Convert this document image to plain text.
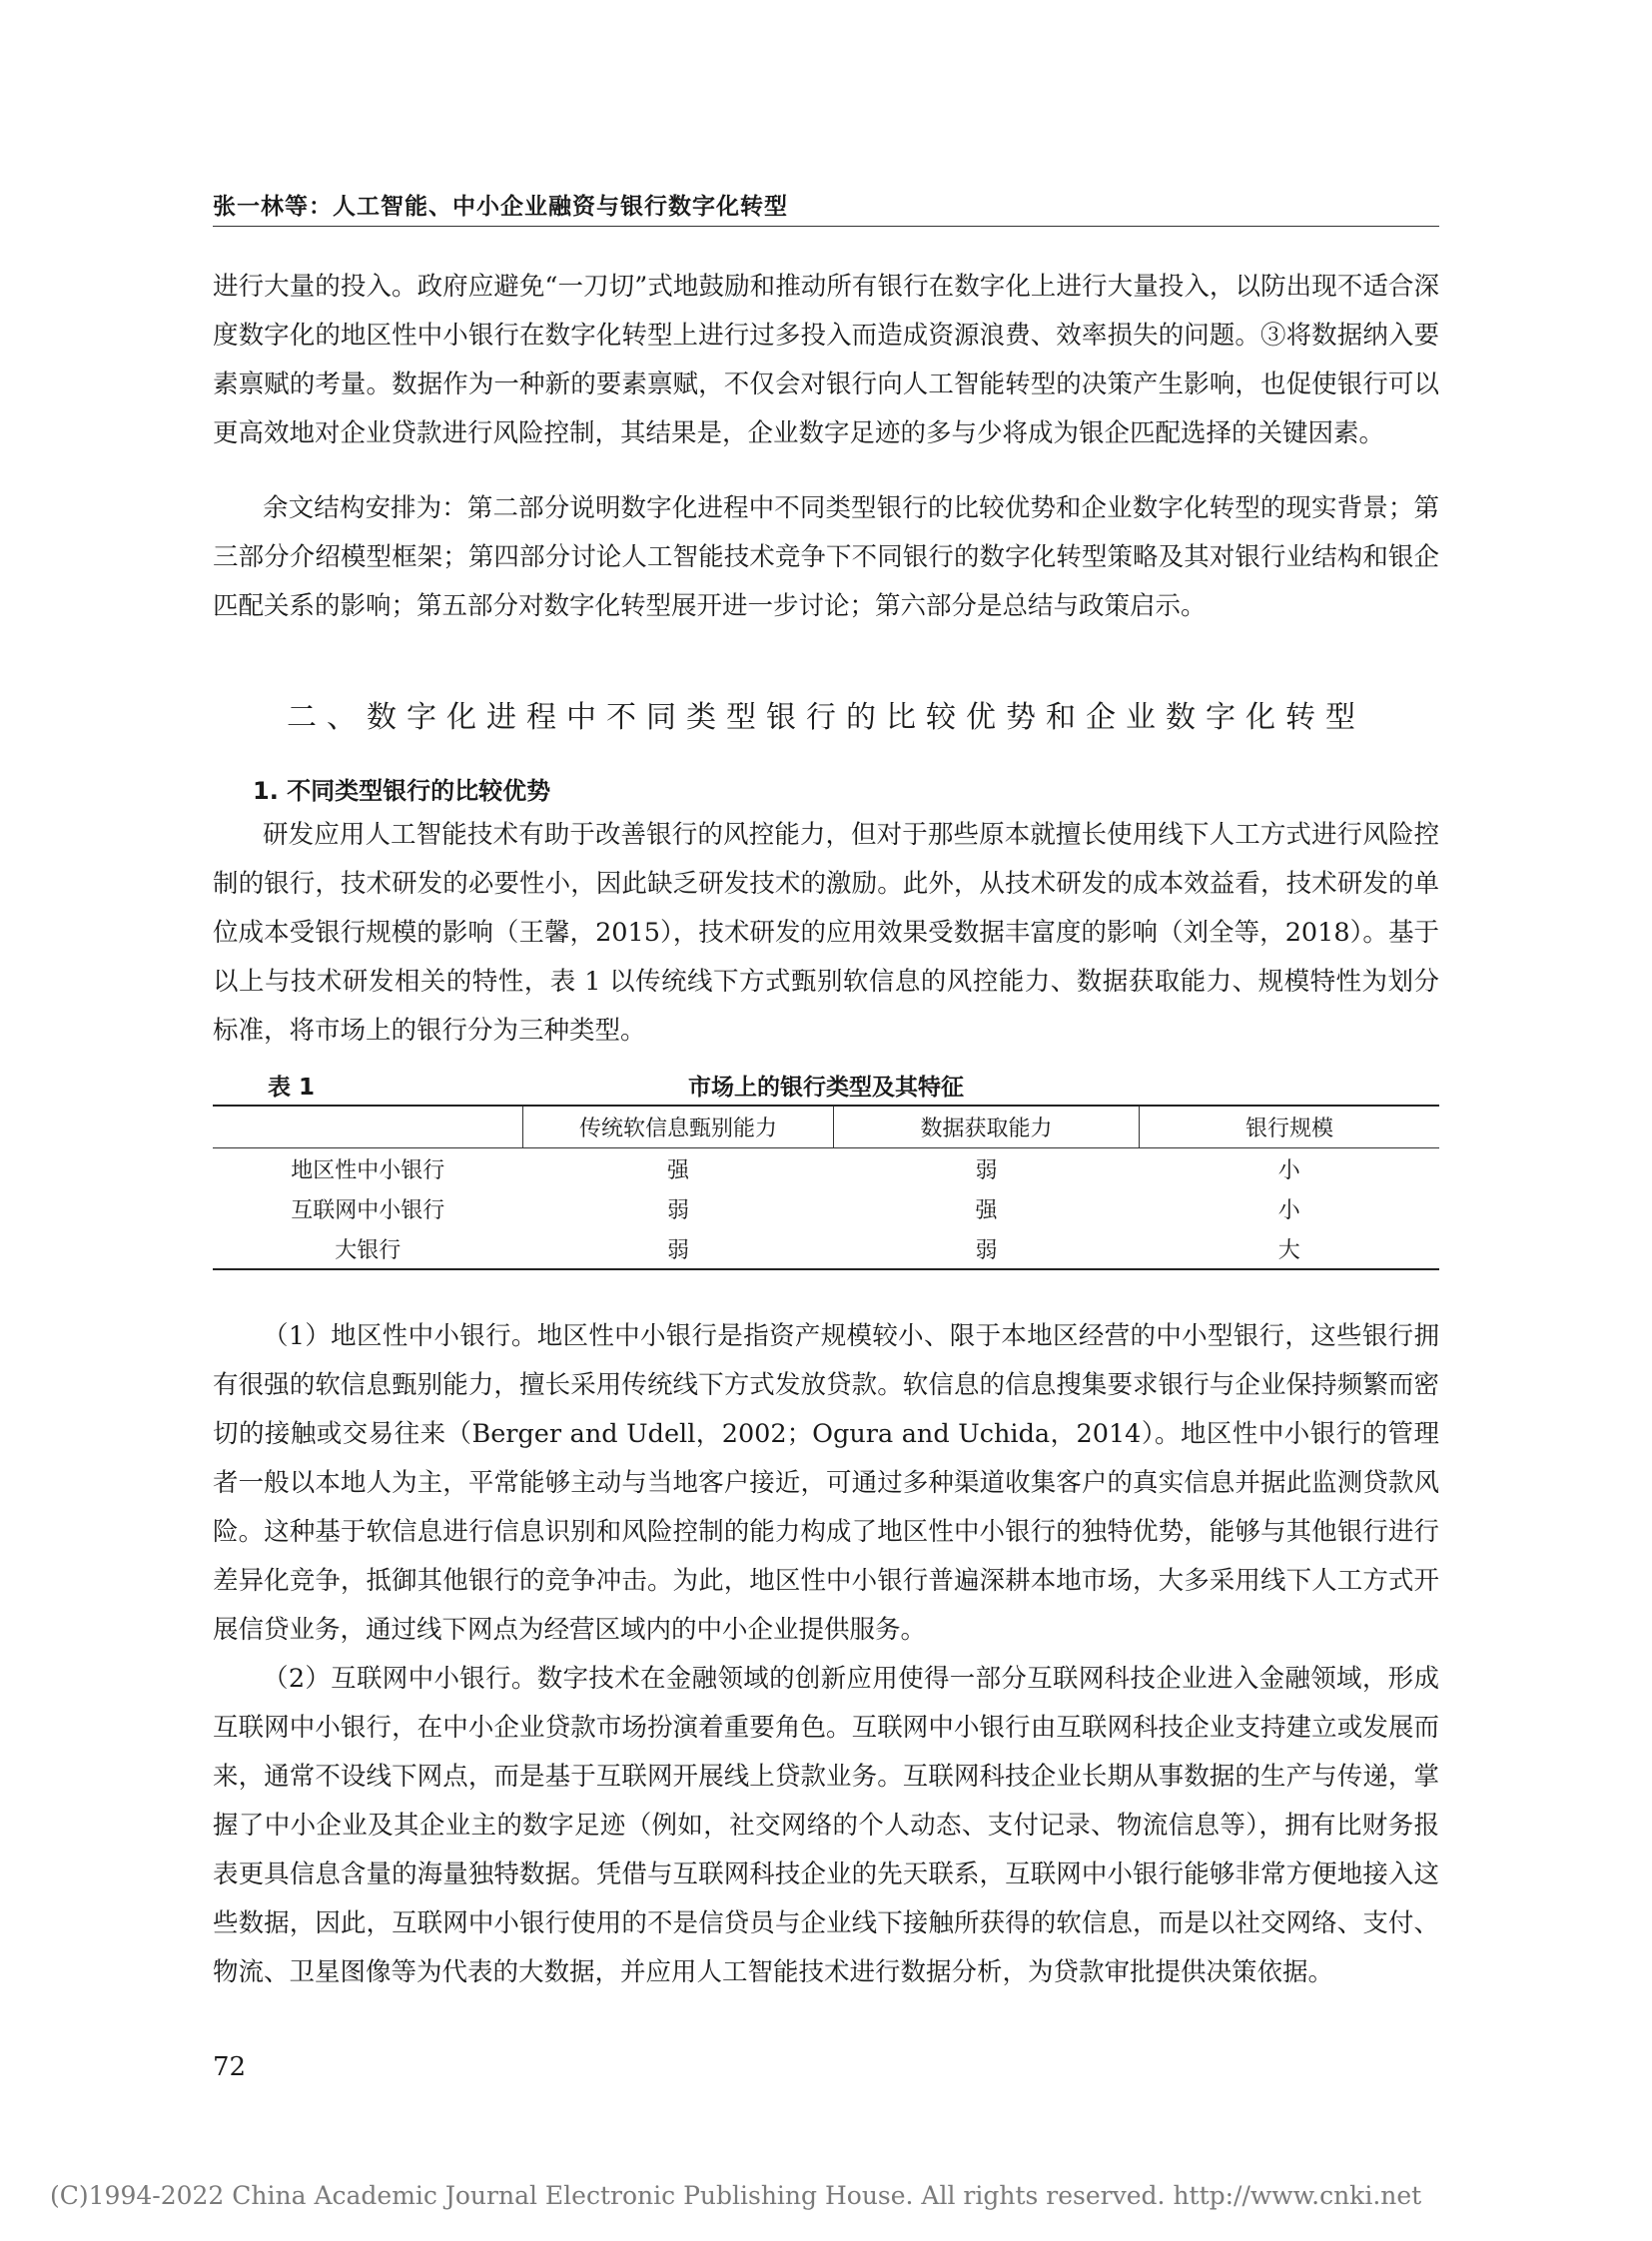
张一林等：人工智能、中小企业融资与银行数字化转型

进行大量的投入。政府应避免“一刀切”式地鼓励和推动所有银行在数字化上进行大量投入，以防出现不适合深度数字化的地区性中小银行在数字化转型上进行过多投入而造成资源浪费、效率损失的问题。③将数据纳入要素禀赋的考量。数据作为一种新的要素禀赋，不仅会对银行向人工智能转型的决策产生影响，也促使银行可以更高效地对企业贷款进行风险控制，其结果是，企业数字足迹的多与少将成为银企匹配选择的关键因素。

余文结构安排为：第二部分说明数字化进程中不同类型银行的比较优势和企业数字化转型的现实背景；第三部分介绍模型框架；第四部分讨论人工智能技术竞争下不同银行的数字化转型策略及其对银行业结构和银企匹配关系的影响；第五部分对数字化转型展开进一步讨论；第六部分是总结与政策启示。

二、数字化进程中不同类型银行的比较优势和企业数字化转型
1. 不同类型银行的比较优势

研发应用人工智能技术有助于改善银行的风控能力，但对于那些原本就擅长使用线下人工方式进行风险控制的银行，技术研发的必要性小，因此缺乏研发技术的激励。此外，从技术研发的成本效益看，技术研发的单位成本受银行规模的影响（王馨，2015），技术研发的应用效果受数据丰富度的影响（刘全等，2018）。基于以上与技术研发相关的特性，表 1 以传统线下方式甄别软信息的风控能力、数据获取能力、规模特性为划分标准，将市场上的银行分为三种类型。

表 1	市场上的银行类型及其特征
	传统软信息甄别能力	数据获取能力	银行规模
地区性中小银行	强	弱	小
互联网中小银行	弱	强	小
大银行	弱	弱	大

（1）地区性中小银行。地区性中小银行是指资产规模较小、限于本地区经营的中小型银行，这些银行拥有很强的软信息甄别能力，擅长采用传统线下方式发放贷款。软信息的信息搜集要求银行与企业保持频繁而密切的接触或交易往来（Berger and Udell，2002；Ogura and Uchida，2014）。地区性中小银行的管理者一般以本地人为主，平常能够主动与当地客户接近，可通过多种渠道收集客户的真实信息并据此监测贷款风险。这种基于软信息进行信息识别和风险控制的能力构成了地区性中小银行的独特优势，能够与其他银行进行差异化竞争，抵御其他银行的竞争冲击。为此，地区性中小银行普遍深耕本地市场，大多采用线下人工方式开展信贷业务，通过线下网点为经营区域内的中小企业提供服务。

（2）互联网中小银行。数字技术在金融领域的创新应用使得一部分互联网科技企业进入金融领域，形成互联网中小银行，在中小企业贷款市场扮演着重要角色。互联网中小银行由互联网科技企业支持建立或发展而来，通常不设线下网点，而是基于互联网开展线上贷款业务。互联网科技企业长期从事数据的生产与传递，掌握了中小企业及其企业主的数字足迹（例如，社交网络的个人动态、支付记录、物流信息等），拥有比财务报表更具信息含量的海量独特数据。凭借与互联网科技企业的先天联系，互联网中小银行能够非常方便地接入这些数据，因此，互联网中小银行使用的不是信贷员与企业线下接触所获得的软信息，而是以社交网络、支付、物流、卫星图像等为代表的大数据，并应用人工智能技术进行数据分析，为贷款审批提供决策依据。

72
(C)1994-2022 China Academic Journal Electronic Publishing House. All rights reserved. http://www.cnki.net
